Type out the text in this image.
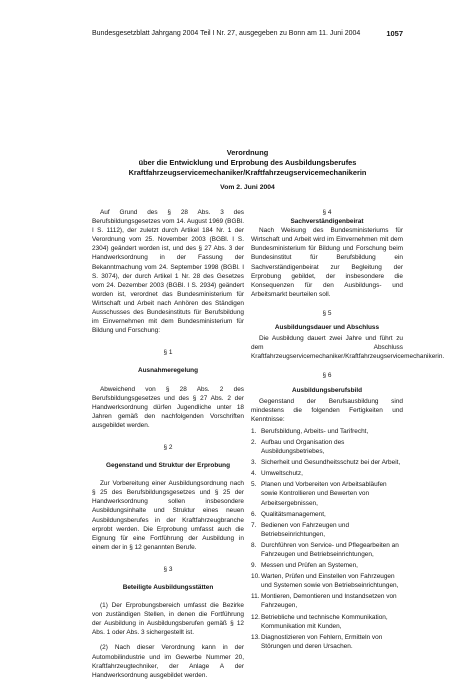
Bundesgesetzblatt Jahrgang 2004 Teil I Nr. 27, ausgegeben zu Bonn am 11. Juni 2004	1057
Verordnung
über die Entwicklung und Erprobung des Ausbildungsberufes
Kraftfahrzeugservicemechaniker/Kraftfahrzeugservicemechanikerin
Vom 2. Juni 2004

Auf Grund des § 28 Abs. 3 des Berufsbildungsgesetzes vom 14. August 1969 (BGBl. I S. 1112), der zuletzt durch Artikel 184 Nr. 1 der Verordnung vom 25. November 2003 (BGBl. I S. 2304) geändert worden ist, und des § 27 Abs. 3 der Handwerksordnung in der Fassung der Bekanntmachung vom 24. September 1998 (BGBl. I S. 3074), der durch Artikel 1 Nr. 28 des Gesetzes vom 24. Dezember 2003 (BGBl. I S. 2934) geändert worden ist, verordnet das Bundesministerium für Wirtschaft und Arbeit nach Anhören des Ständigen Ausschusses des Bundesinstituts für Berufsbildung im Einvernehmen mit dem Bundesministerium für Bildung und Forschung:

§ 1

Ausnahmeregelung

Abweichend von § 28 Abs. 2 des Berufsbildungsgesetzes und des § 27 Abs. 2 der Handwerksordnung dürfen Jugendliche unter 18 Jahren gemäß den nachfolgenden Vorschriften ausgebildet werden.

§ 2

Gegenstand und Struktur der Erprobung

Zur Vorbereitung einer Ausbildungsordnung nach § 25 des Berufsbildungsgesetzes und § 25 der Handwerksordnung sollen insbesondere Ausbildungsinhalte und Struktur eines neuen Ausbildungsberufes in der Kraftfahrzeugbranche erprobt werden. Die Erprobung umfasst auch die Eignung für eine Fortführung der Ausbildung in einem der in § 12 genannten Berufe.

§ 3

Beteiligte Ausbildungsstätten

(1) Der Erprobungsbereich umfasst die Bezirke von zuständigen Stellen, in denen die Fortführung der Ausbildung in Ausbildungsberufen gemäß § 12 Abs. 1 oder Abs. 3 sichergestellt ist.

(2) Nach dieser Verordnung kann in der Automobilindustrie und im Gewerbe Nummer 20, Kraftfahrzeugtechniker, der Anlage A der Handwerksordnung ausgebildet werden.

§ 4

Sachverständigenbeirat

Nach Weisung des Bundesministeriums für Wirtschaft und Arbeit wird im Einvernehmen mit dem Bundesministerium für Bildung und Forschung beim Bundesinstitut für Berufsbildung ein Sachverständigenbeirat zur Begleitung der Erprobung gebildet, der insbesondere die Konsequenzen für den Ausbildungs- und Arbeitsmarkt beurteilen soll.

§ 5

Ausbildungsdauer und Abschluss

Die Ausbildung dauert zwei Jahre und führt zu dem Abschluss Kraftfahrzeugservicemechaniker/Kraftfahrzeugservicemechanikerin.

§ 6

Ausbildungsberufsbild

Gegenstand der Berufsausbildung sind mindestens die folgenden Fertigkeiten und Kenntnisse:

1. Berufsbildung, Arbeits- und Tarifrecht,
2. Aufbau und Organisation des Ausbildungsbetriebes,
3. Sicherheit und Gesundheitsschutz bei der Arbeit,
4. Umweltschutz,
5. Planen und Vorbereiten von Arbeitsabläufen sowie Kontrollieren und Bewerten von Arbeitsergebnissen,
6. Qualitätsmanagement,
7. Bedienen von Fahrzeugen und Betriebseinrichtungen,
8. Durchführen von Service- und Pflegearbeiten an Fahrzeugen und Betriebseinrichtungen,
9. Messen und Prüfen an Systemen,
10. Warten, Prüfen und Einstellen von Fahrzeugen und Systemen sowie von Betriebseinrichtungen,
11. Montieren, Demontieren und Instandsetzen von Fahrzeugen,
12. Betriebliche und technische Kommunikation, Kommunikation mit Kunden,
13. Diagnostizieren von Fehlern, Ermitteln von Störungen und deren Ursachen.
